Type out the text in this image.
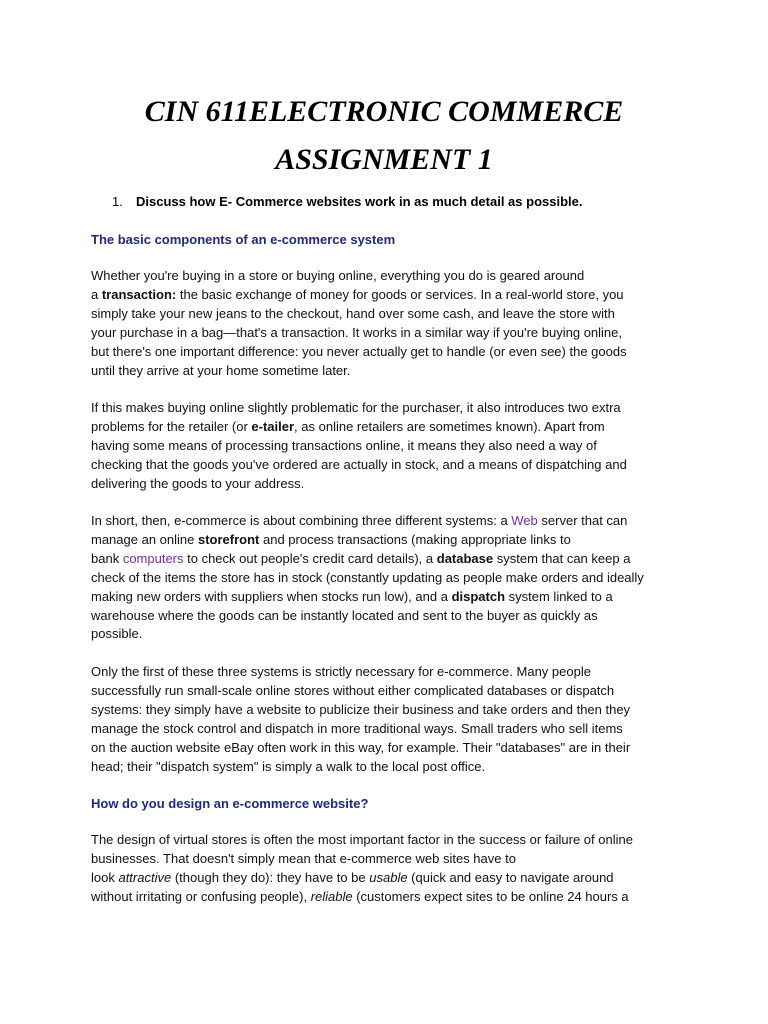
CIN 611ELECTRONIC COMMERCE
ASSIGNMENT 1
1. Discuss how E- Commerce websites work in as much detail as possible.
The basic components of an e-commerce system
Whether you're buying in a store or buying online, everything you do is geared around
a transaction: the basic exchange of money for goods or services. In a real-world store, you
simply take your new jeans to the checkout, hand over some cash, and leave the store with
your purchase in a bag—that's a transaction. It works in a similar way if you're buying online,
but there's one important difference: you never actually get to handle (or even see) the goods
until they arrive at your home sometime later.
If this makes buying online slightly problematic for the purchaser, it also introduces two extra
problems for the retailer (or e-tailer, as online retailers are sometimes known). Apart from
having some means of processing transactions online, it means they also need a way of
checking that the goods you've ordered are actually in stock, and a means of dispatching and
delivering the goods to your address.
In short, then, e-commerce is about combining three different systems: a Web server that can
manage an online storefront and process transactions (making appropriate links to
bank computers to check out people's credit card details), a database system that can keep a
check of the items the store has in stock (constantly updating as people make orders and ideally
making new orders with suppliers when stocks run low), and a dispatch system linked to a
warehouse where the goods can be instantly located and sent to the buyer as quickly as
possible.
Only the first of these three systems is strictly necessary for e-commerce. Many people
successfully run small-scale online stores without either complicated databases or dispatch
systems: they simply have a website to publicize their business and take orders and then they
manage the stock control and dispatch in more traditional ways. Small traders who sell items
on the auction website eBay often work in this way, for example. Their "databases" are in their
head; their "dispatch system" is simply a walk to the local post office.
How do you design an e-commerce website?
The design of virtual stores is often the most important factor in the success or failure of online
businesses. That doesn't simply mean that e-commerce web sites have to
look attractive (though they do): they have to be usable (quick and easy to navigate around
without irritating or confusing people), reliable (customers expect sites to be online 24 hours a
